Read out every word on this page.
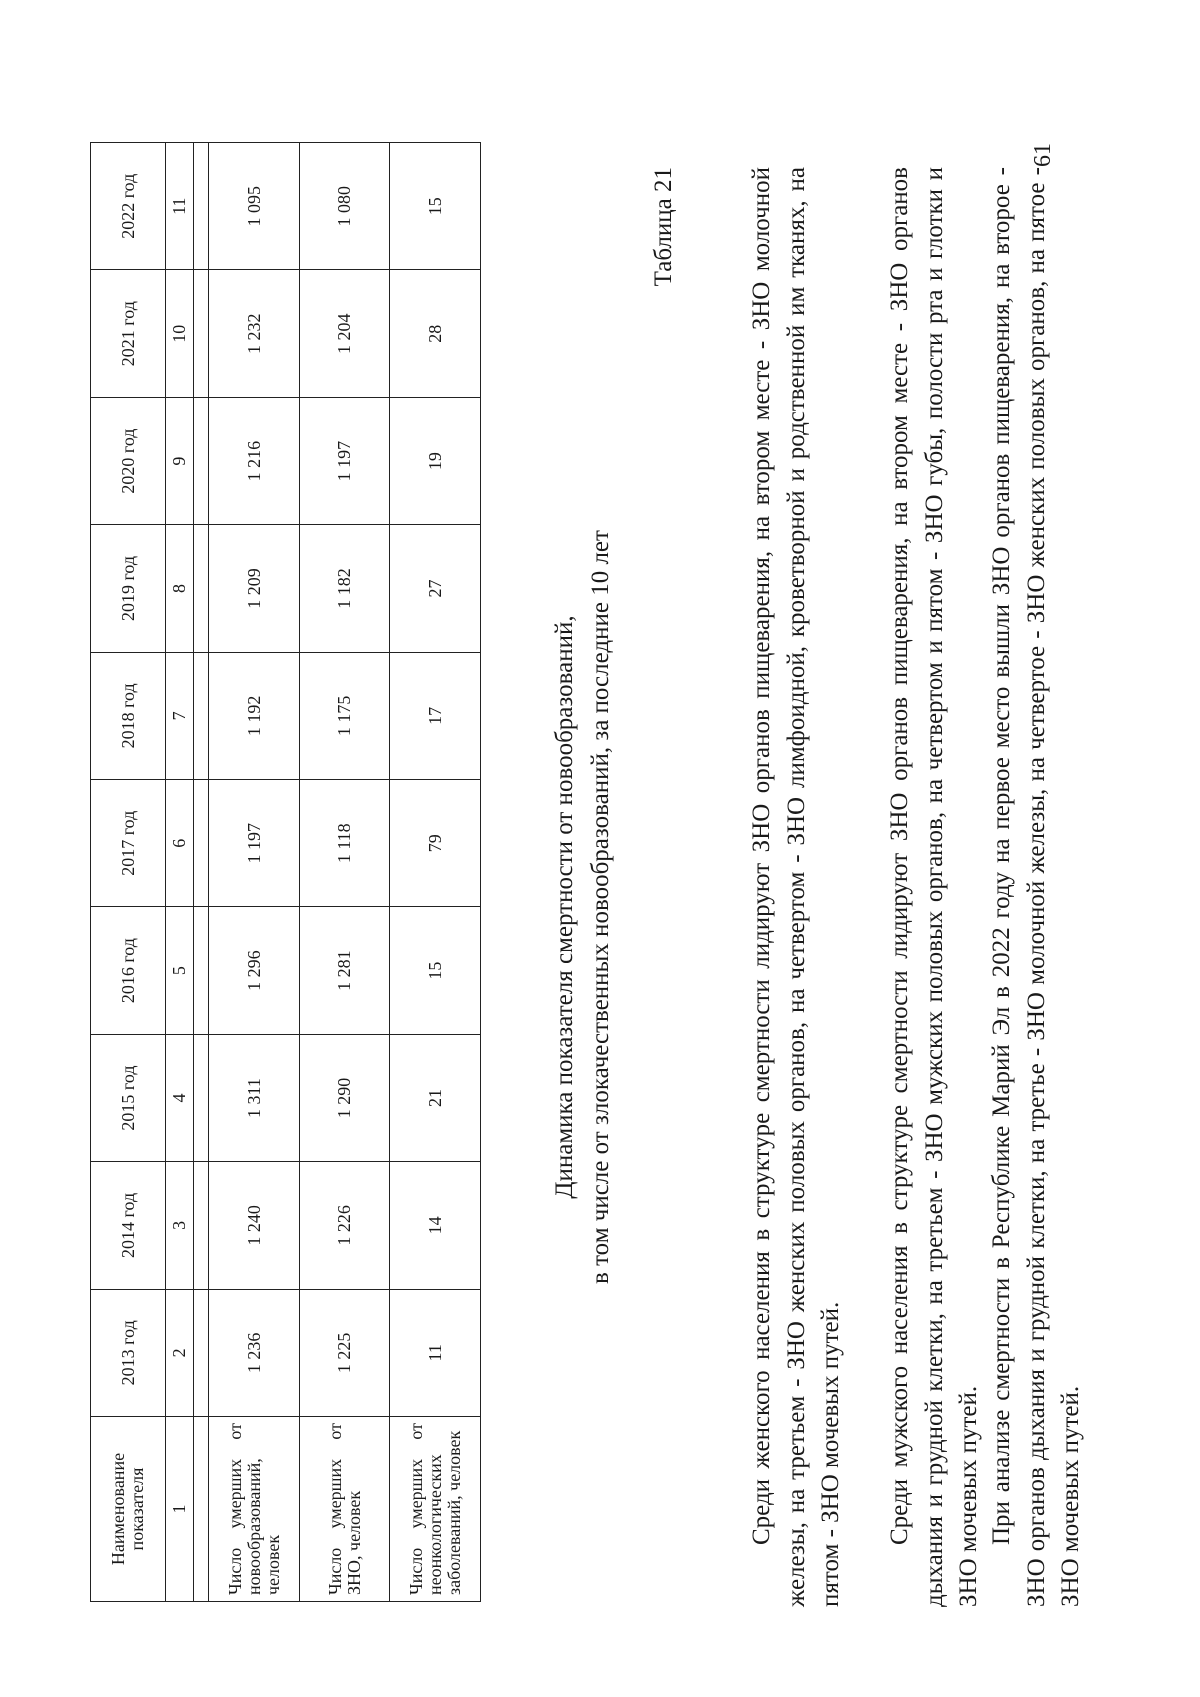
61

При анализе смертности в Республике Марий Эл в 2022 году на первое место вышли ЗНО органов пищеварения, на второе - ЗНО органов дыхания и грудной клетки, на третье - ЗНО молочной железы, на четвертое - ЗНО женских половых органов, на пятое - ЗНО мочевых путей.

Среди мужского населения в структуре смертности лидируют ЗНО органов пищеварения, на втором месте - ЗНО органов дыхания и грудной клетки, на третьем - ЗНО мужских половых органов, на четвертом и пятом - ЗНО губы, полости рта и глотки и ЗНО мочевых путей.

Среди женского населения в структуре смертности лидируют ЗНО органов пищеварения, на втором месте - ЗНО молочной железы, на третьем - ЗНО женских половых органов, на четвертом - ЗНО лимфоидной, кроветворной и родственной им тканях, на пятом - ЗНО мочевых путей.

Таблица 21

Динамика показателя смертности от новообразований, в том числе от злокачественных новообразований, за последние 10 лет

Наименование показателя	2013 год	2014 год	2015 год	2016 год	2017 год	2018 год	2019 год	2020 год	2021 год	2022 год
1	2	3	4	5	6	7	8	9	10	11

Число умерших от новообразований, человек	1 236	1 240	1 311	1 296	1 197	1 192	1 209	1 216	1 232	1 095
Число умерших от ЗНО, человек	1 225	1 226	1 290	1 281	1 118	1 175	1 182	1 197	1 204	1 080
Число умерших от неонкологических заболеваний, человек	11	14	21	15	79	17	27	19	28	15
